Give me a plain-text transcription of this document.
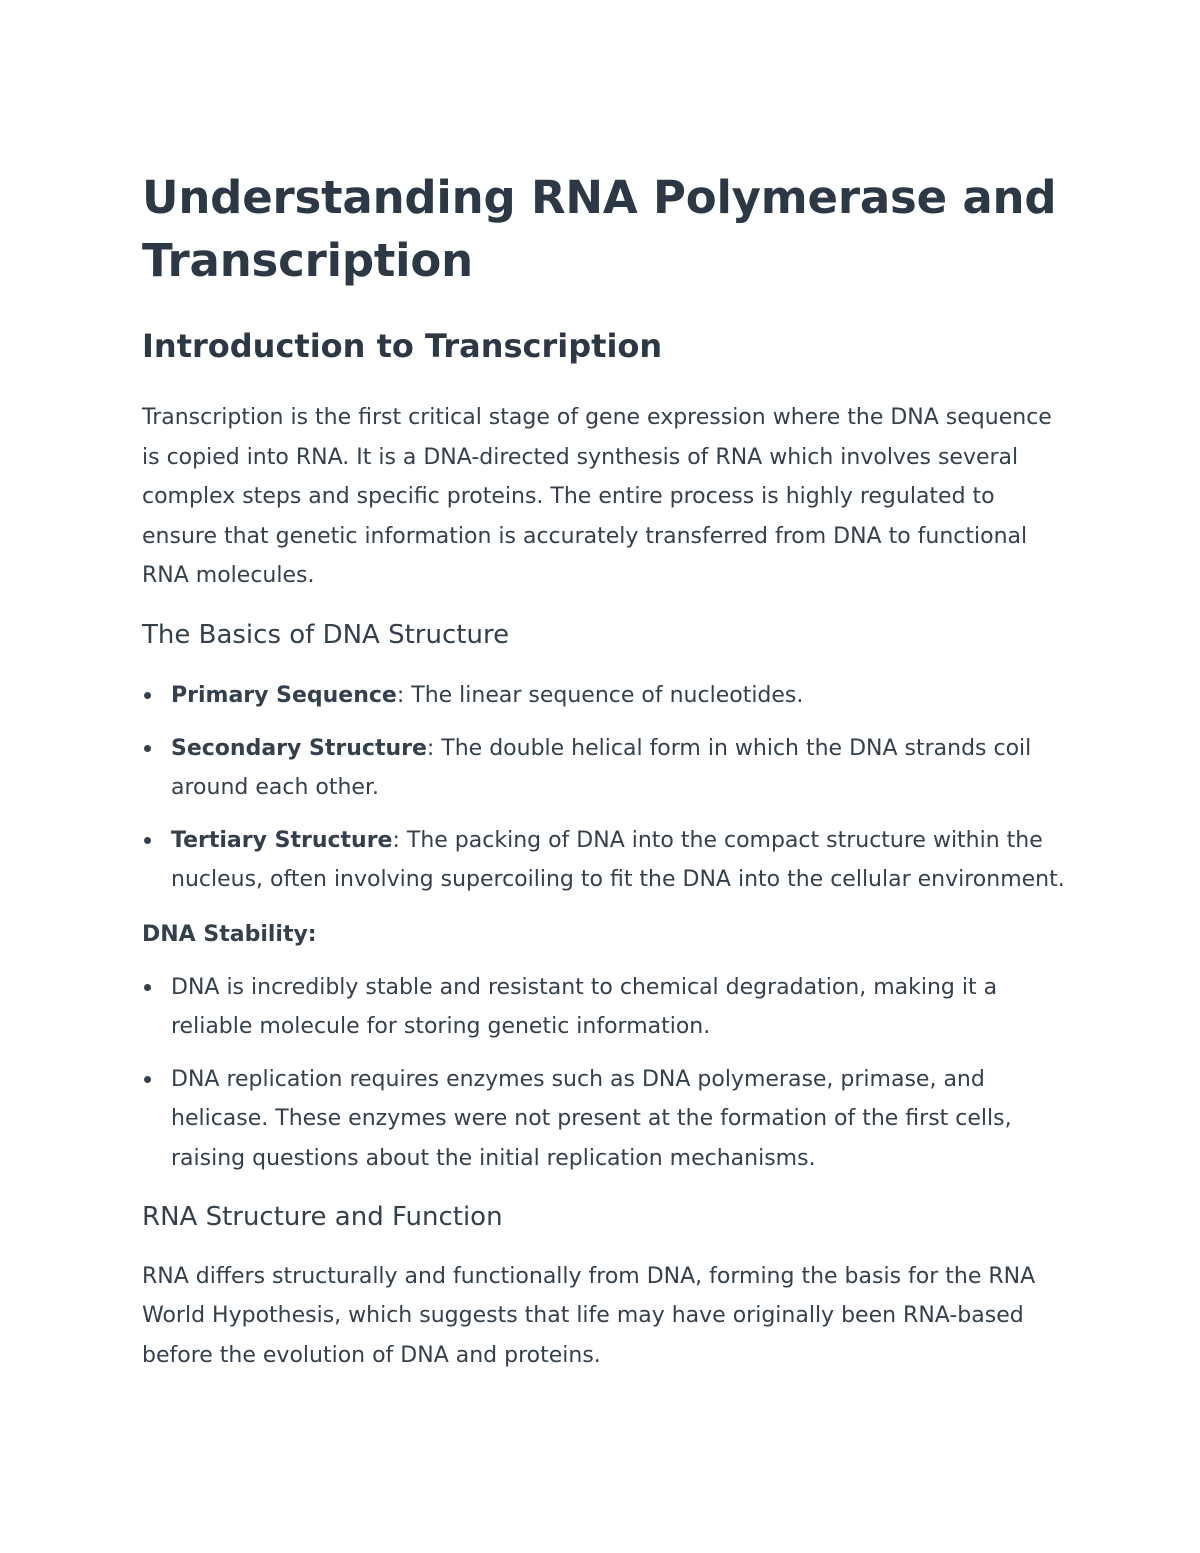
Understanding RNA Polymerase and Transcription
Introduction to Transcription

Transcription is the first critical stage of gene expression where the DNA sequence is copied into RNA. It is a DNA-directed synthesis of RNA which involves several complex steps and specific proteins. The entire process is highly regulated to ensure that genetic information is accurately transferred from DNA to functional RNA molecules.

The Basics of DNA Structure
Primary Sequence: The linear sequence of nucleotides.
Secondary Structure: The double helical form in which the DNA strands coil around each other.
Tertiary Structure: The packing of DNA into the compact structure within the nucleus, often involving supercoiling to fit the DNA into the cellular environment.

DNA Stability:

DNA is incredibly stable and resistant to chemical degradation, making it a reliable molecule for storing genetic information.
DNA replication requires enzymes such as DNA polymerase, primase, and helicase. These enzymes were not present at the formation of the first cells, raising questions about the initial replication mechanisms.
RNA Structure and Function

RNA differs structurally and functionally from DNA, forming the basis for the RNA World Hypothesis, which suggests that life may have originally been RNA-based before the evolution of DNA and proteins.
